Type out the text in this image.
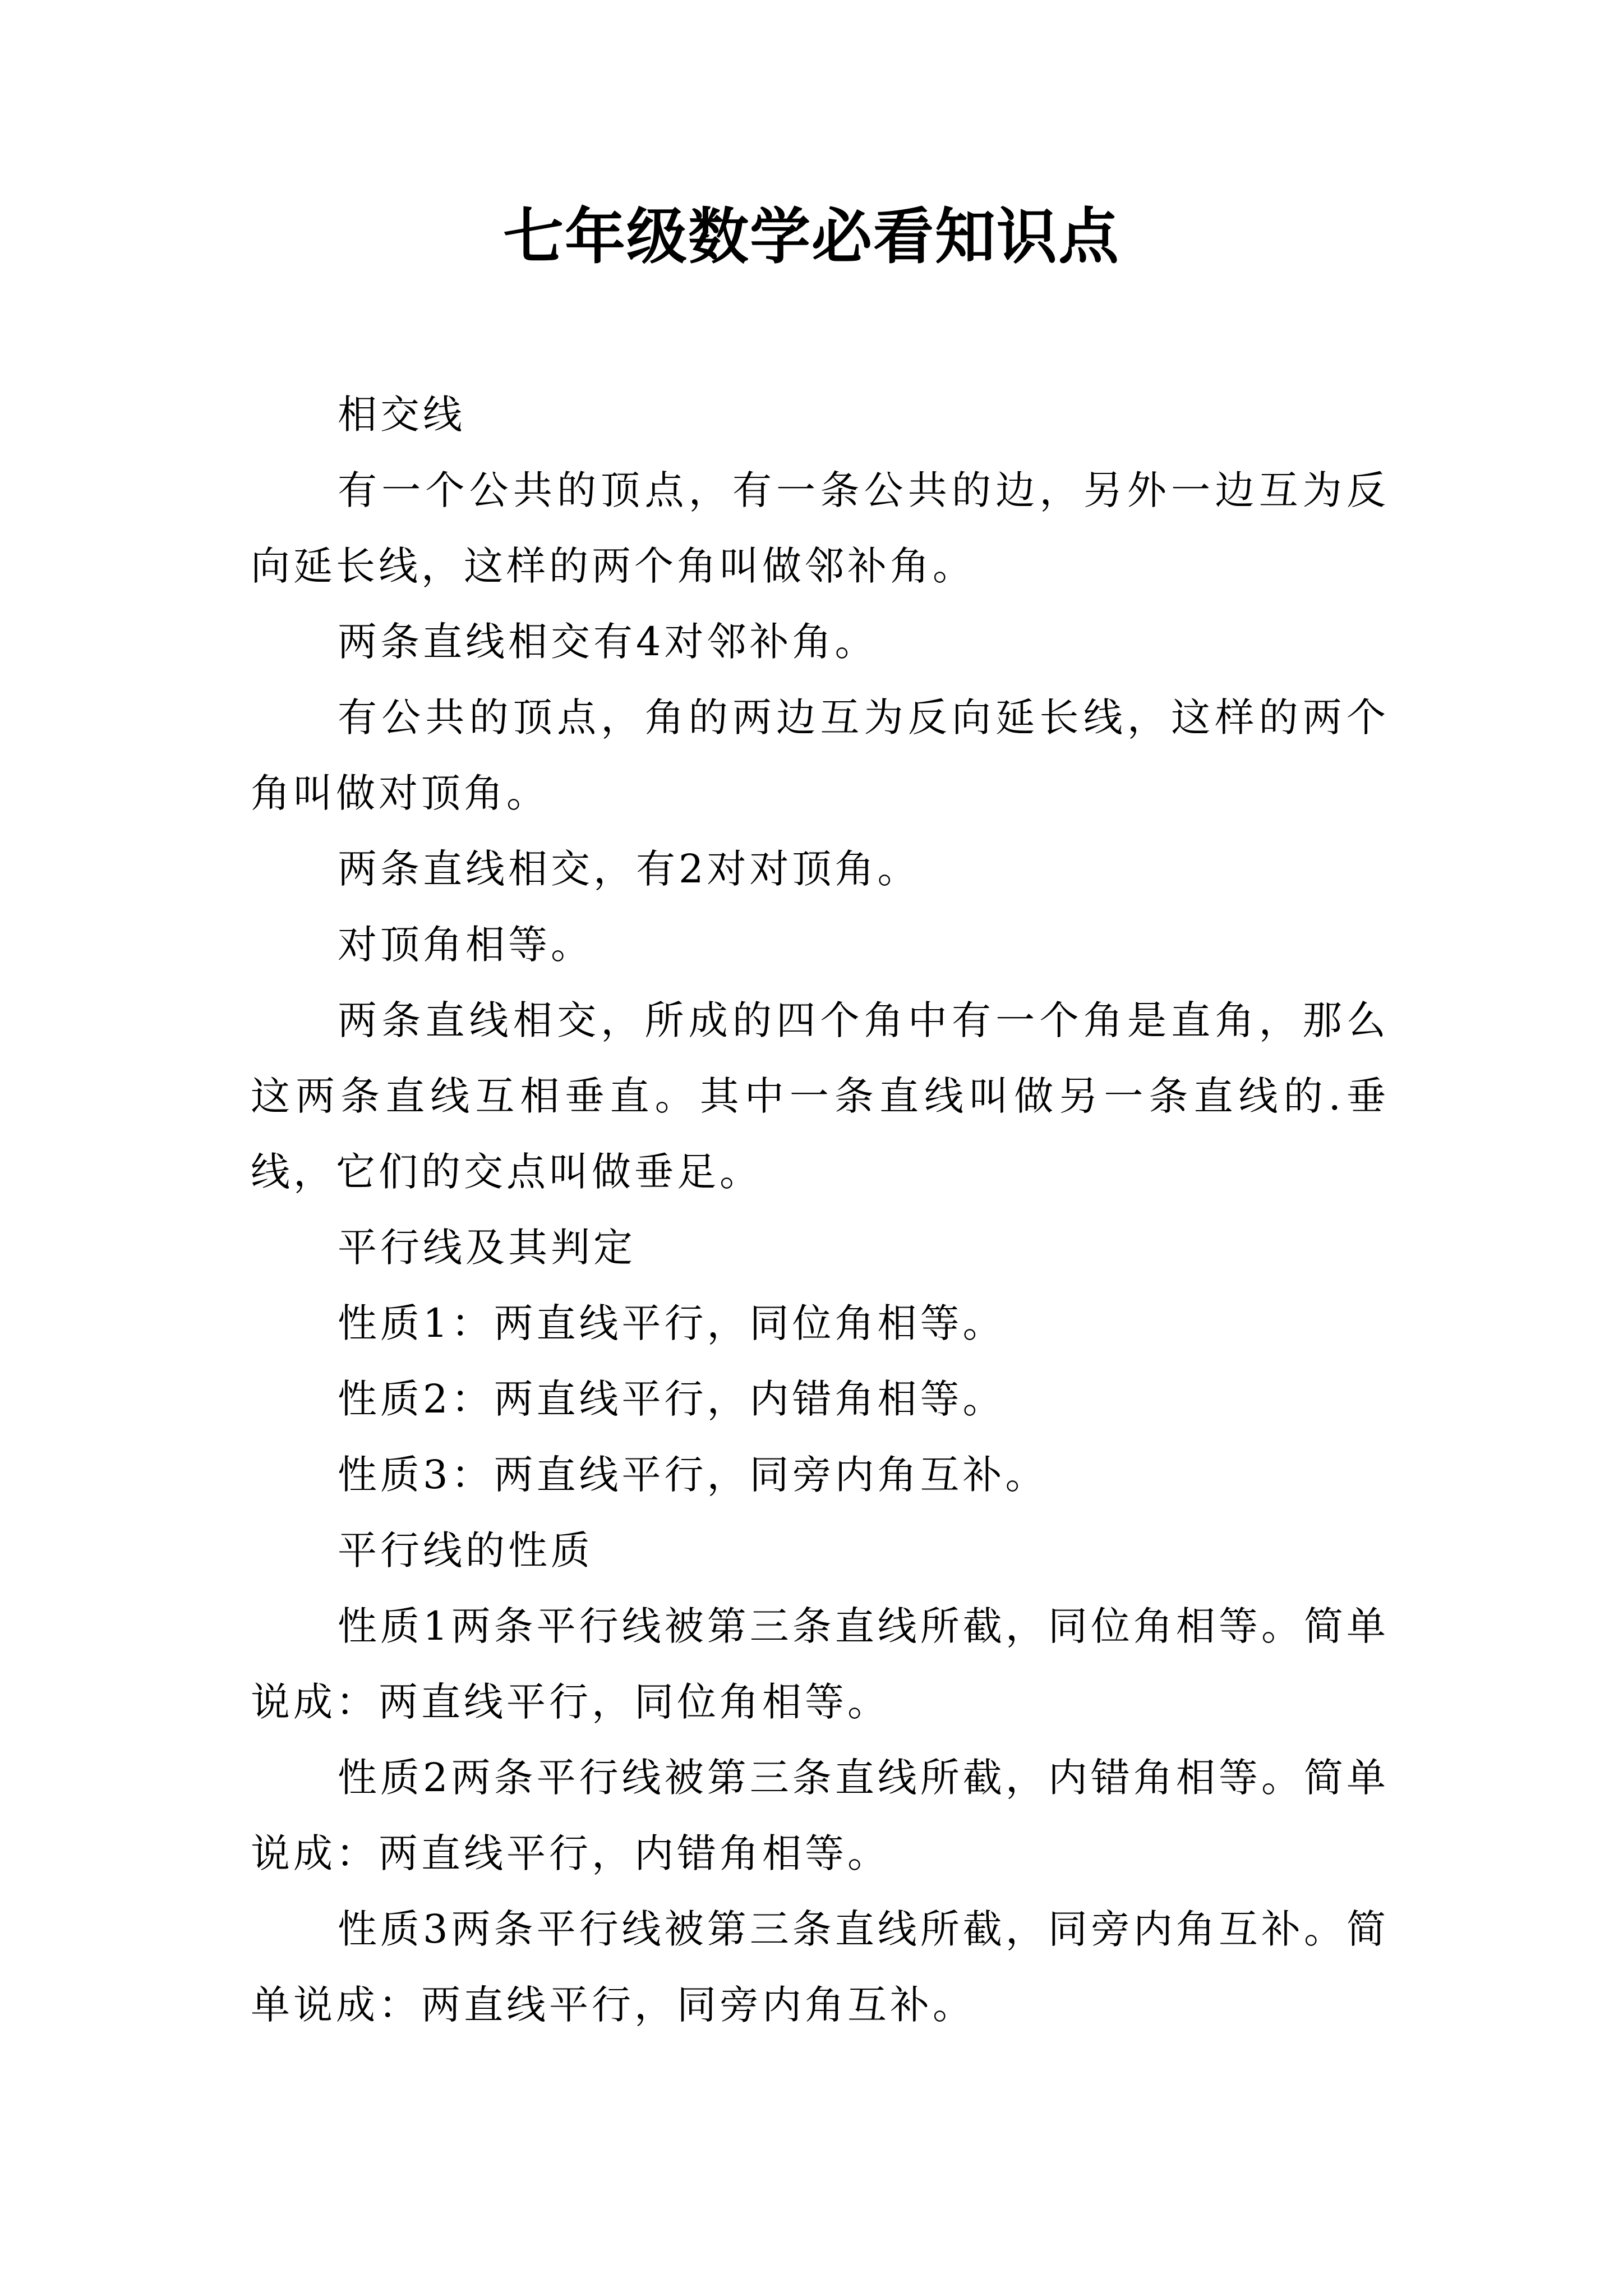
七年级数学必看知识点

相交线

有一个公共的顶点，有一条公共的边，另外一边互为反向延长线，这样的两个角叫做邻补角。

两条直线相交有4对邻补角。

有公共的顶点，角的两边互为反向延长线，这样的两个角叫做对顶角。

两条直线相交，有2对对顶角。

对顶角相等。

两条直线相交，所成的四个角中有一个角是直角，那么这两条直线互相垂直。其中一条直线叫做另一条直线的.垂线，它们的交点叫做垂足。

平行线及其判定

性质1：两直线平行，同位角相等。

性质2：两直线平行，内错角相等。

性质3：两直线平行，同旁内角互补。

平行线的性质

性质1两条平行线被第三条直线所截，同位角相等。简单说成：两直线平行，同位角相等。

性质2两条平行线被第三条直线所截，内错角相等。简单说成：两直线平行，内错角相等。

性质3两条平行线被第三条直线所截，同旁内角互补。简单说成：两直线平行，同旁内角互补。
